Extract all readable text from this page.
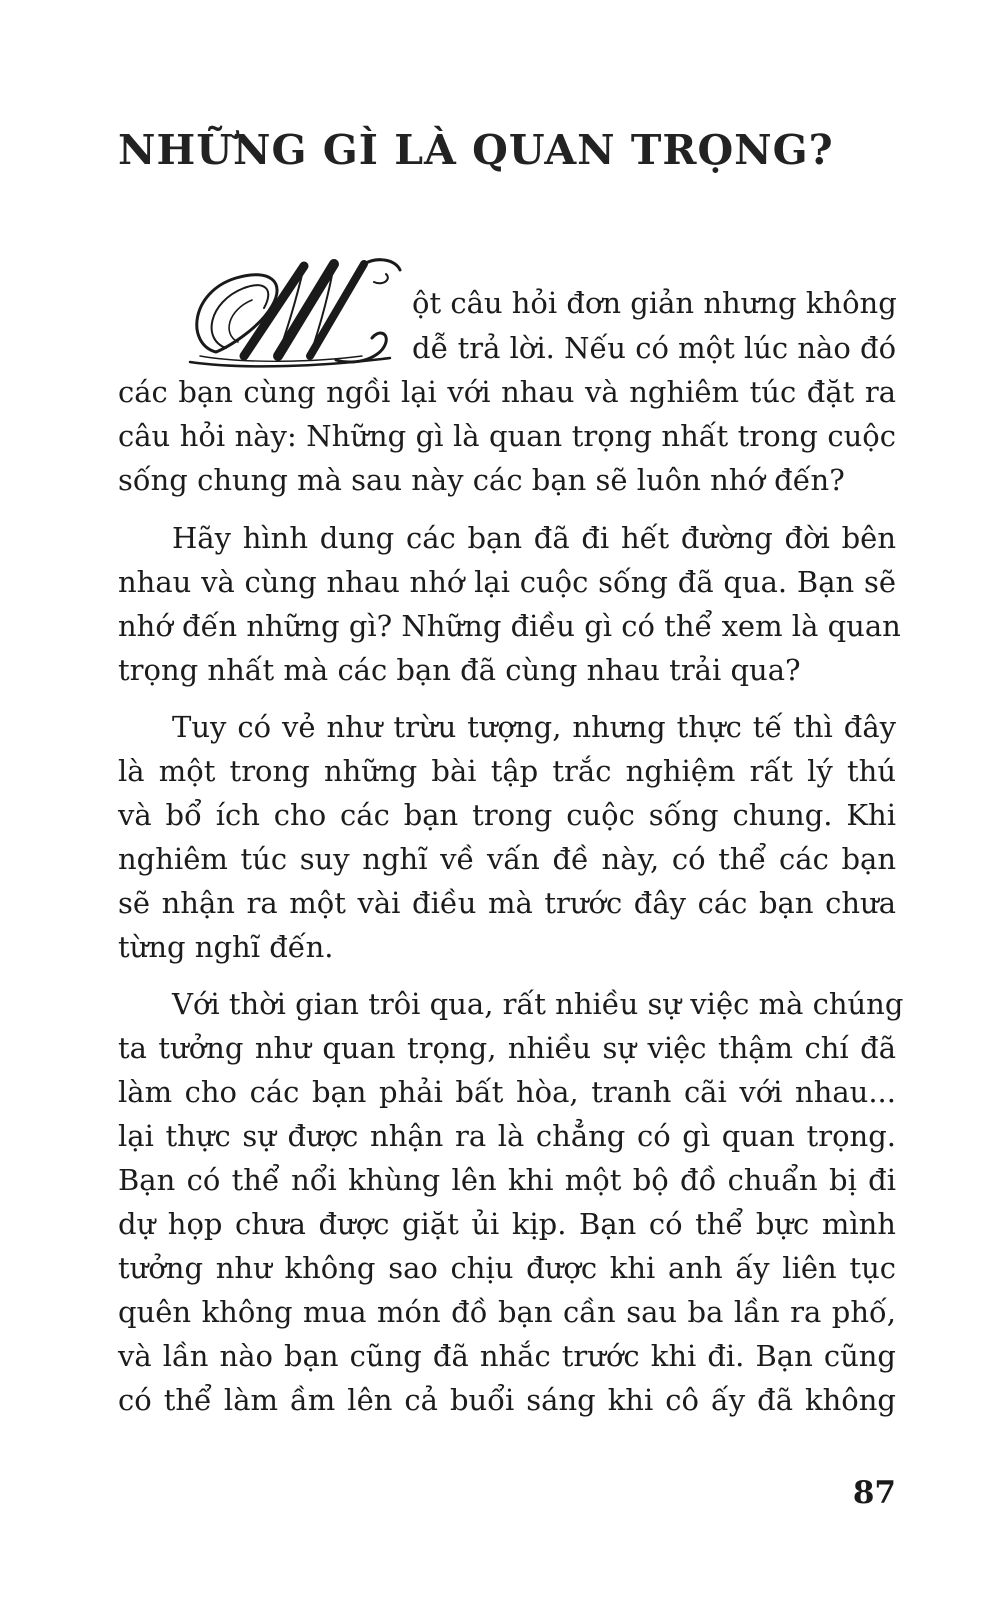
NHỮNG GÌ LÀ QUAN TRỌNG?
M
ột câu hỏi đơn giản nhưng không
dễ trả lời. Nếu có một lúc nào đó
các bạn cùng ngồi lại với nhau và nghiêm túc đặt ra
câu hỏi này: Những gì là quan trọng nhất trong cuộc
sống chung mà sau này các bạn sẽ luôn nhớ đến?
Hãy hình dung các bạn đã đi hết đường đời bên
nhau và cùng nhau nhớ lại cuộc sống đã qua. Bạn sẽ
nhớ đến những gì? Những điều gì có thể xem là quan
trọng nhất mà các bạn đã cùng nhau trải qua?
Tuy có vẻ như trừu tượng, nhưng thực tế thì đây
là một trong những bài tập trắc nghiệm rất lý thú
và bổ ích cho các bạn trong cuộc sống chung. Khi
nghiêm túc suy nghĩ về vấn đề này, có thể các bạn
sẽ nhận ra một vài điều mà trước đây các bạn chưa
từng nghĩ đến.
Với thời gian trôi qua, rất nhiều sự việc mà chúng
ta tưởng như quan trọng, nhiều sự việc thậm chí đã
làm cho các bạn phải bất hòa, tranh cãi với nhau...
lại thực sự được nhận ra là chẳng có gì quan trọng.
Bạn có thể nổi khùng lên khi một bộ đồ chuẩn bị đi
dự họp chưa được giặt ủi kịp. Bạn có thể bực mình
tưởng như không sao chịu được khi anh ấy liên tục
quên không mua món đồ bạn cần sau ba lần ra phố,
và lần nào bạn cũng đã nhắc trước khi đi. Bạn cũng
có thể làm ầm lên cả buổi sáng khi cô ấy đã không
87
